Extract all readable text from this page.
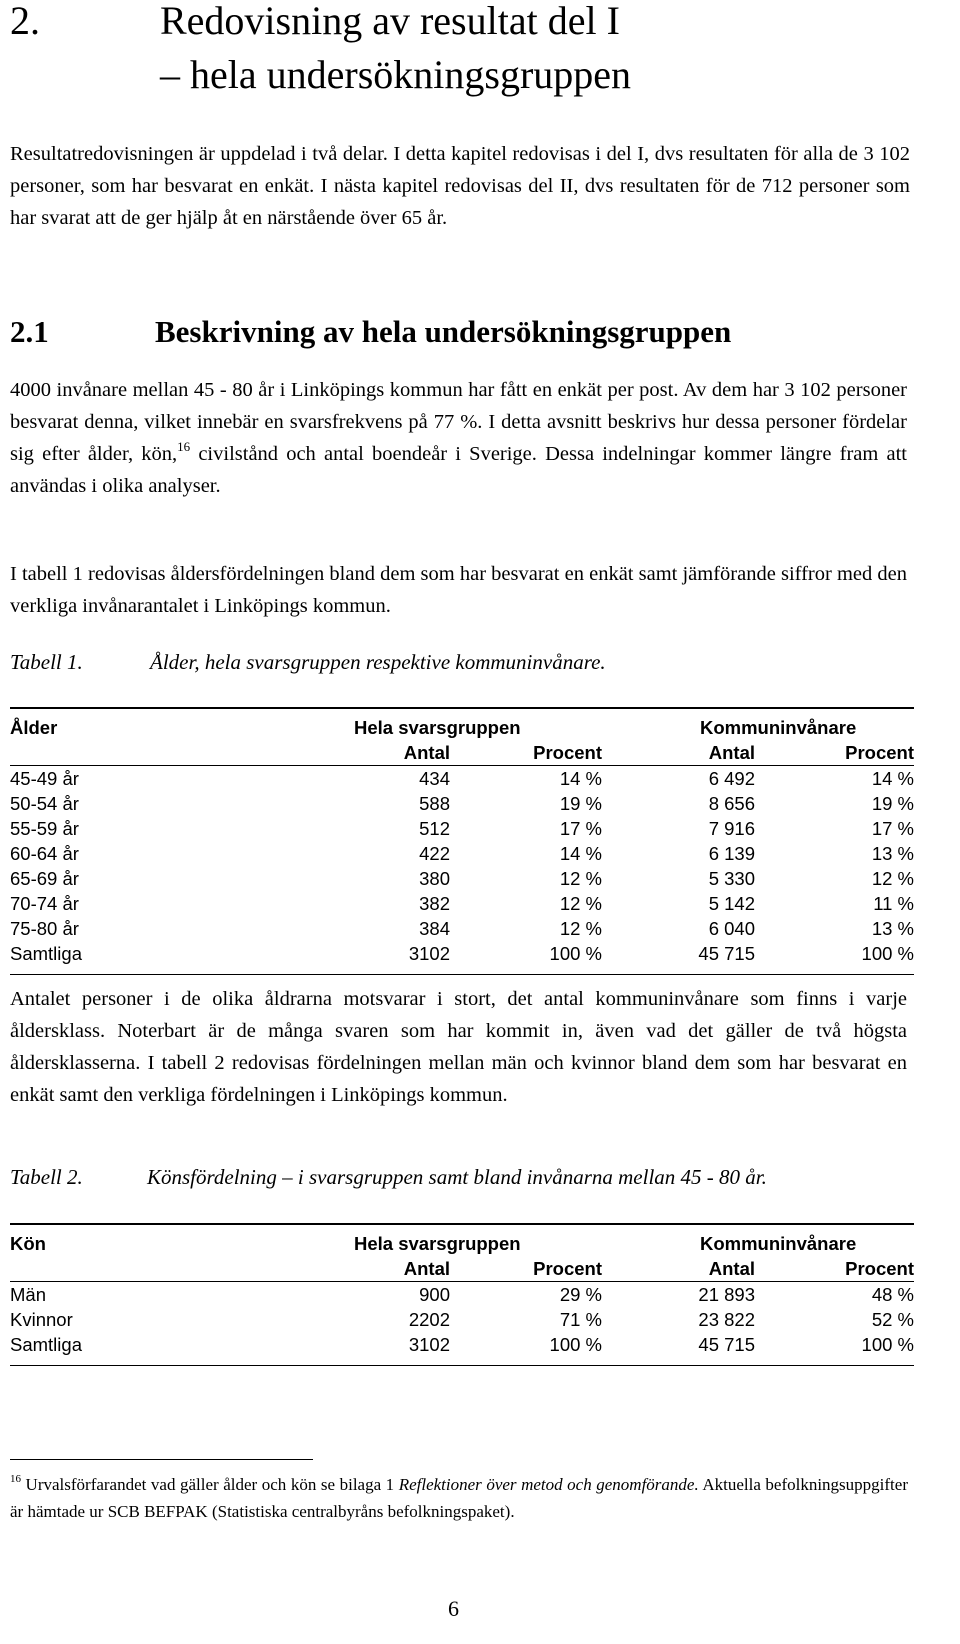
2.	Redovisning av resultat del I
– hela undersökningsgruppen

Resultatredovisningen är uppdelad i två delar. I detta kapitel redovisas i del I, dvs resultaten för alla de 3 102 personer, som har besvarat en enkät. I nästa kapitel redovisas del II, dvs resultaten för de 712 personer som har svarat att de ger hjälp åt en närstående över 65 år.

2.1	Beskrivning av hela undersökningsgruppen

4000 invånare mellan 45 - 80 år i Linköpings kommun har fått en enkät per post. Av dem har 3 102 personer besvarat denna, vilket innebär en svarsfrekvens på 77 %. I detta avsnitt beskrivs hur dessa personer fördelar sig efter ålder, kön,$^{16}$ civilstånd och antal boendeår i Sverige. Dessa indelningar kommer längre fram att användas i olika analyser.

I tabell 1 redovisas åldersfördelningen bland dem som har besvarat en enkät samt jämförande siffror med den verkliga invånarantalet i Linköpings kommun.

Tabell 1.	Ålder, hela svarsgruppen respektive kommuninvånare.
Ålder	Hela svarsgruppen		Kommuninvånare	
	Antal	Procent	Antal	Procent
45-49 år	434	14 %	6 492	14 %
50-54 år	588	19 %	8 656	19 %
55-59 år	512	17 %	7 916	17 %
60-64 år	422	14 %	6 139	13 %
65-69 år	380	12 %	5 330	12 %
70-74 år	382	12 %	5 142	11 %
75-80 år	384	12 %	6 040	13 %
Samtliga	3102	100 %	45 715	100 %

Antalet personer i de olika åldrarna motsvarar i stort, det antal kommuninvånare som finns i varje åldersklass. Noterbart är de många svaren som har kommit in, även vad det gäller de två högsta åldersklasserna. I tabell 2 redovisas fördelningen mellan män och kvinnor bland dem som har besvarat en enkät samt den verkliga fördelningen i Linköpings kommun.

Tabell 2.	Könsfördelning – i svarsgruppen samt bland invånarna mellan 45 - 80 år.
Kön	Hela svarsgruppen		Kommuninvånare	
	Antal	Procent	Antal	Procent
Män	900	29 %	21 893	48 %
Kvinnor	2202	71 %	23 822	52 %
Samtliga	3102	100 %	45 715	100 %
$^{16}$ Urvalsförfarandet vad gäller ålder och kön se bilaga 1 Reflektioner över metod och genomförande. Aktuella befolkningsuppgifter är hämtade ur SCB BEFPAK (Statistiska centralbyråns befolkningspaket).
6
